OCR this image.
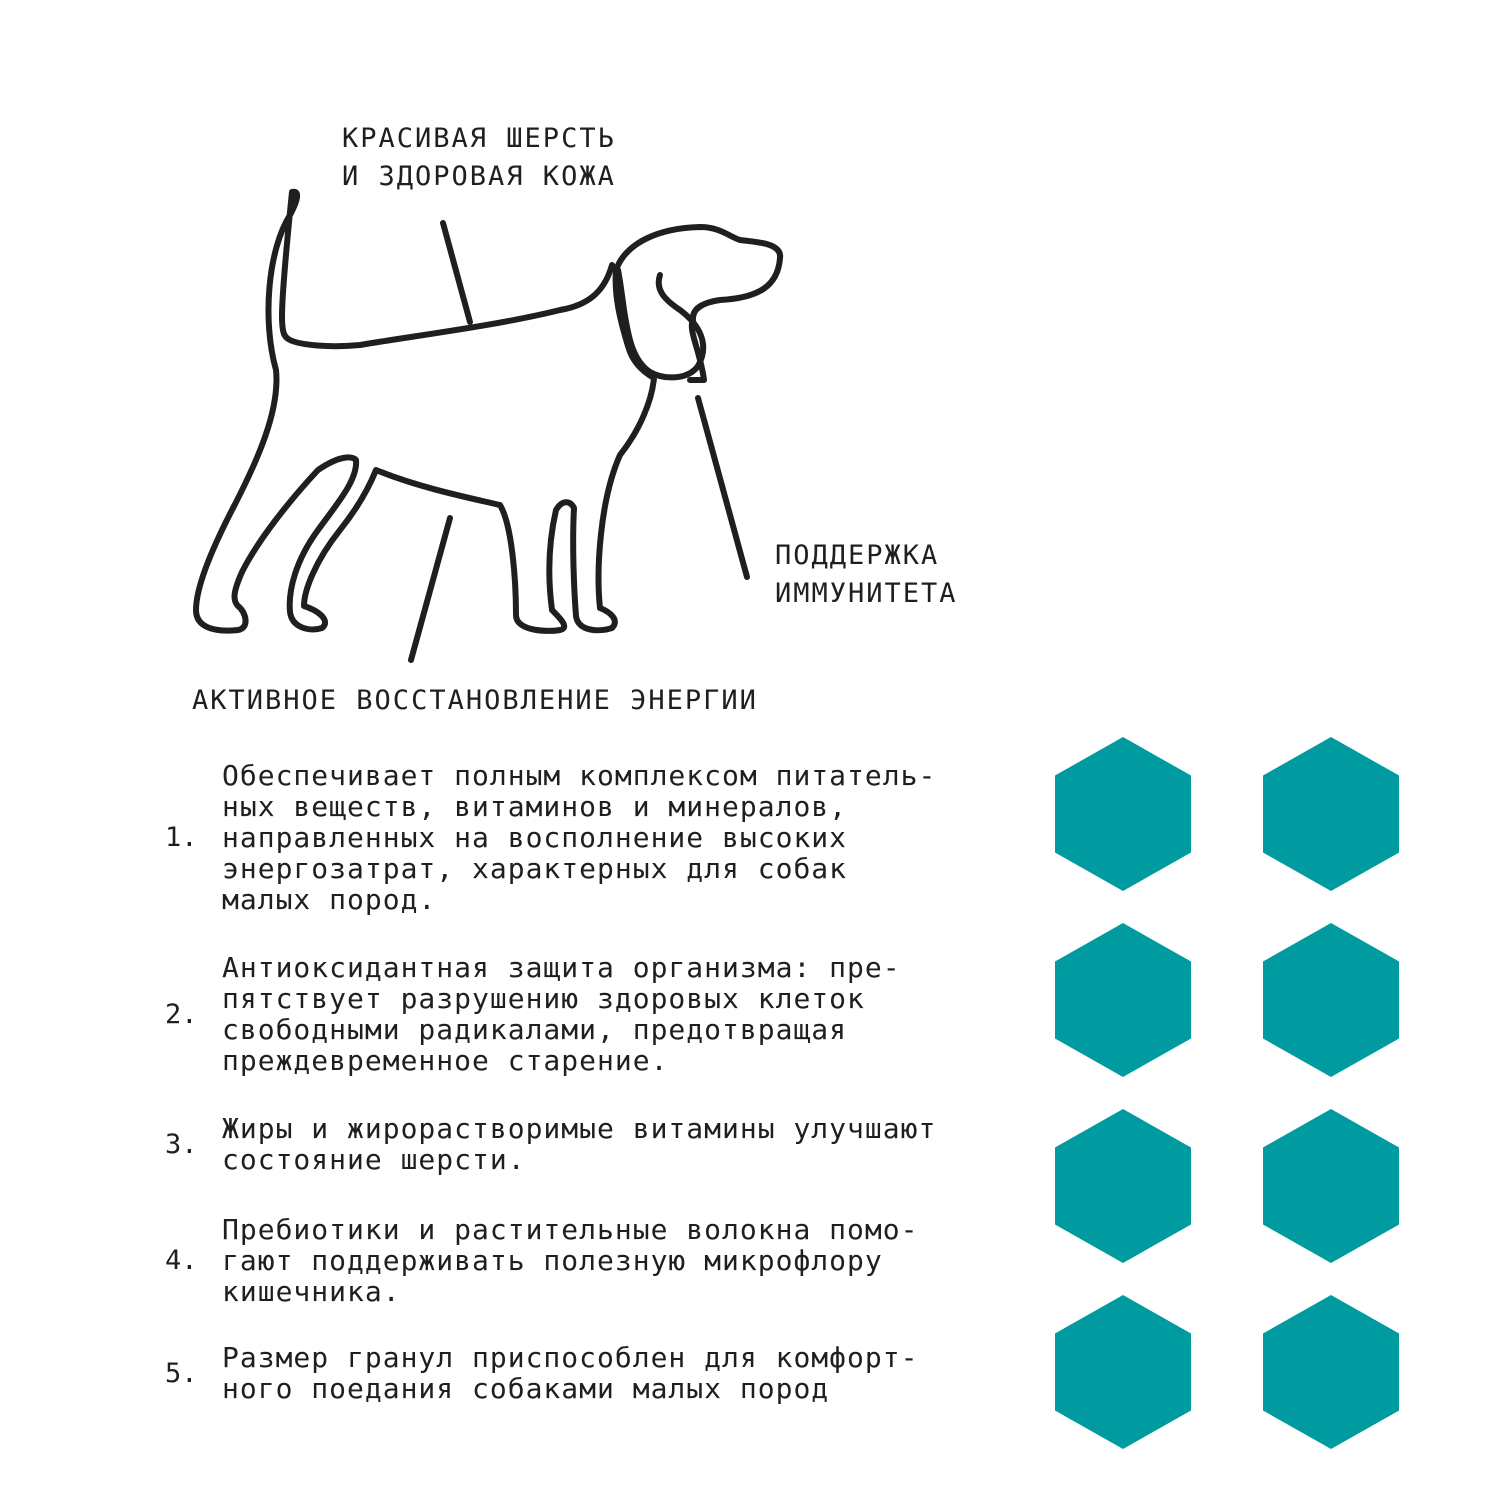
КРАСИВАЯ ШЕРСТЬ
И ЗДОРОВАЯ КОЖА

ПОДДЕРЖКА
ИММУНИТЕТА

АКТИВНОЕ ВОССТАНОВЛЕНИЕ ЭНЕРГИИ

1.
Обеспечивает полным комплексом питатель-
ных веществ, витаминов и минералов,
направленных на восполнение высоких
энергозатрат, характерных для собак
малых пород.
2.
Антиоксидантная защита организма: пре-
пятствует разрушению здоровых клеток
свободными радикалами, предотвращая
преждевременное старение.
3. Жиры и жирорастворимые витамины улучшают
состояние шерсти.
4.
Пребиотики и растительные волокна помо-
гают поддерживать полезную микрофлору
кишечника.
5. Размер гранул приспособлен для комфорт-
ного поедания собаками малых пород
